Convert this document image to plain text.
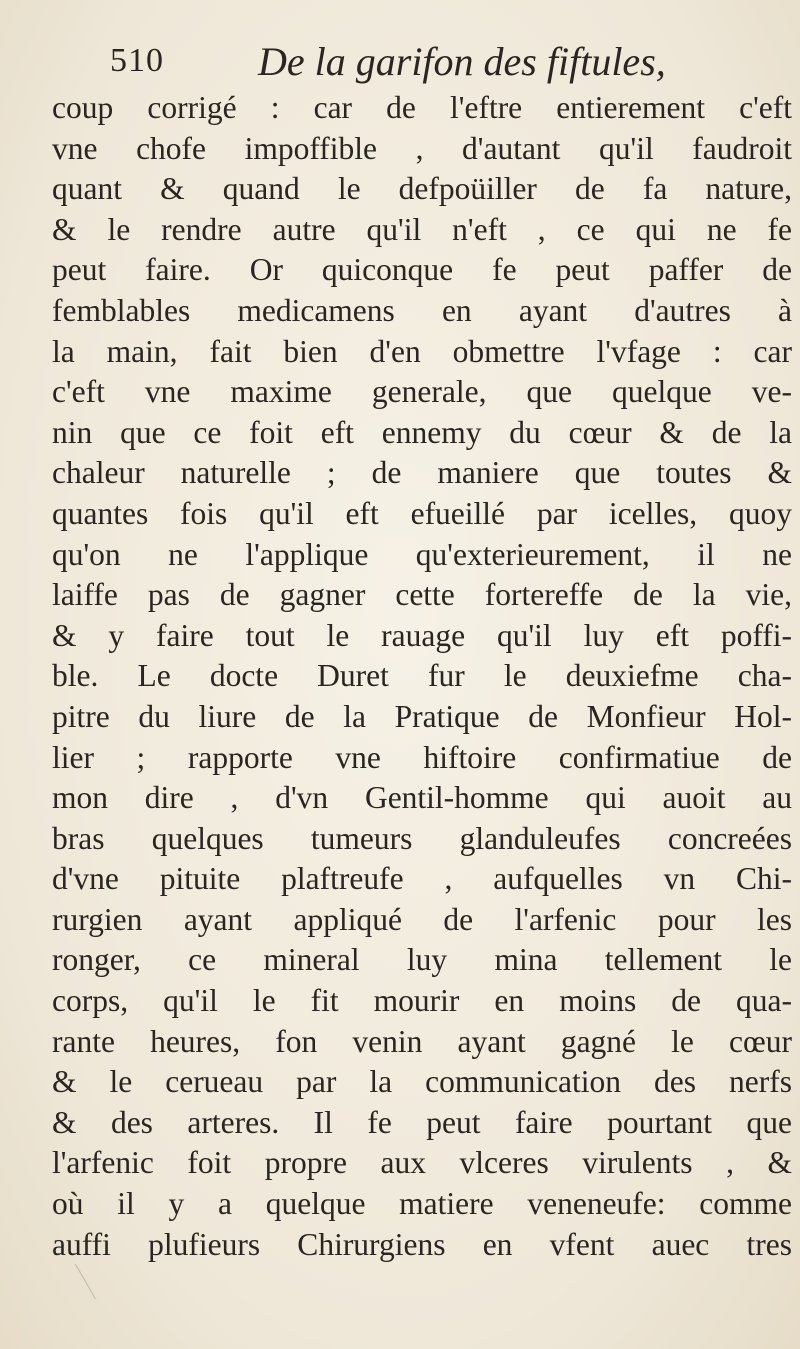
510 De la garifon des fiftules,
coup corrigé : car de l'eftre entierement c'eft
vne chofe impoffible , d'autant qu'il faudroit
quant & quand le defpoüiller de fa nature,
& le rendre autre qu'il n'eft , ce qui ne fe
peut faire. Or quiconque fe peut paffer de
femblables medicamens en ayant d'autres à
la main, fait bien d'en obmettre l'vfage : car
c'eft vne maxime generale, que quelque ve-
nin que ce foit eft ennemy du cœur & de la
chaleur naturelle ; de maniere que toutes &
quantes fois qu'il eft efueillé par icelles, quoy
qu'on ne l'applique qu'exterieurement, il ne
laiffe pas de gagner cette fortereffe de la vie,
& y faire tout le rauage qu'il luy eft poffi-
ble. Le docte Duret fur le deuxiefme cha-
pitre du liure de la Pratique de Monfieur Hol-
lier ; rapporte vne hiftoire confirmatiue de
mon dire , d'vn Gentil-homme qui auoit au
bras quelques tumeurs glanduleufes concreées
d'vne pituite plaftreufe , aufquelles vn Chi-
rurgien ayant appliqué de l'arfenic pour les
ronger, ce mineral luy mina tellement le
corps, qu'il le fit mourir en moins de qua-
rante heures, fon venin ayant gagné le cœur
& le cerueau par la communication des nerfs
& des arteres. Il fe peut faire pourtant que
l'arfenic foit propre aux vlceres virulents , &
où il y a quelque matiere veneneufe: comme
auffi plufieurs Chirurgiens en vfent auec tres
